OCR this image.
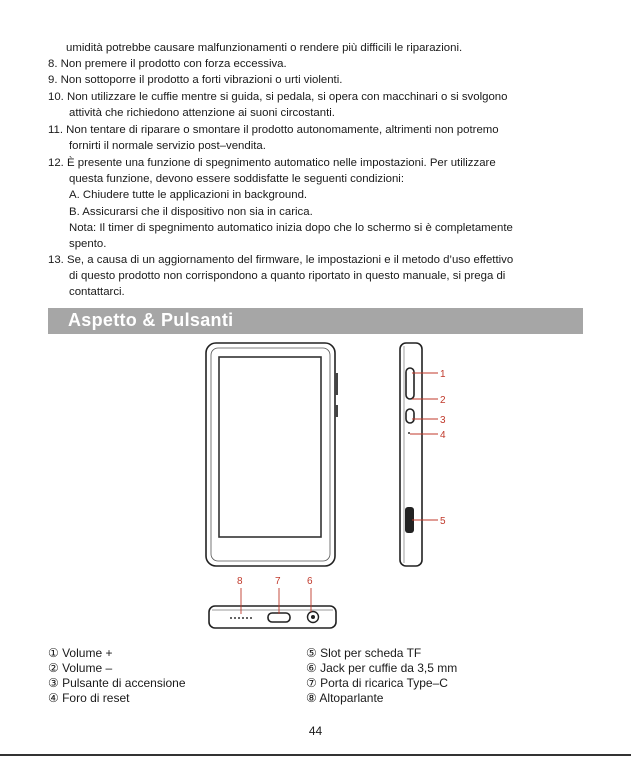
umidità potrebbe causare malfunzionamenti o rendere più difficili le riparazioni.
8. Non premere il prodotto con forza eccessiva.
9. Non sottoporre il prodotto a forti vibrazioni o urti violenti.
10. Non utilizzare le cuffie mentre si guida, si pedala, si opera con macchinari o si svolgono
attività che richiedono attenzione ai suoni circostanti.
11. Non tentare di riparare o smontare il prodotto autonomamente, altrimenti non potremo
fornirti il normale servizio post–vendita.
12. È presente una funzione di spegnimento automatico nelle impostazioni. Per utilizzare
questa funzione, devono essere soddisfatte le seguenti condizioni:
A. Chiudere tutte le applicazioni in background.
B. Assicurarsi che il dispositivo non sia in carica.
Nota: Il timer di spegnimento automatico inizia dopo che lo schermo si è completamente
spento.
13. Se, a causa di un aggiornamento del firmware, le impostazioni e il metodo d’uso effettivo
di questo prodotto non corrispondono a quanto riportato in questo manuale, si prega di
contattarci.
Aspetto & Pulsanti
1
2
3
4
5
8	7	6
① Volume +
② Volume –
③ Pulsante di accensione
④ Foro di reset
⑤ Slot per scheda TF
⑥ Jack per cuffie da 3,5 mm
⑦ Porta di ricarica Type–C
⑧ Altoparlante
44
